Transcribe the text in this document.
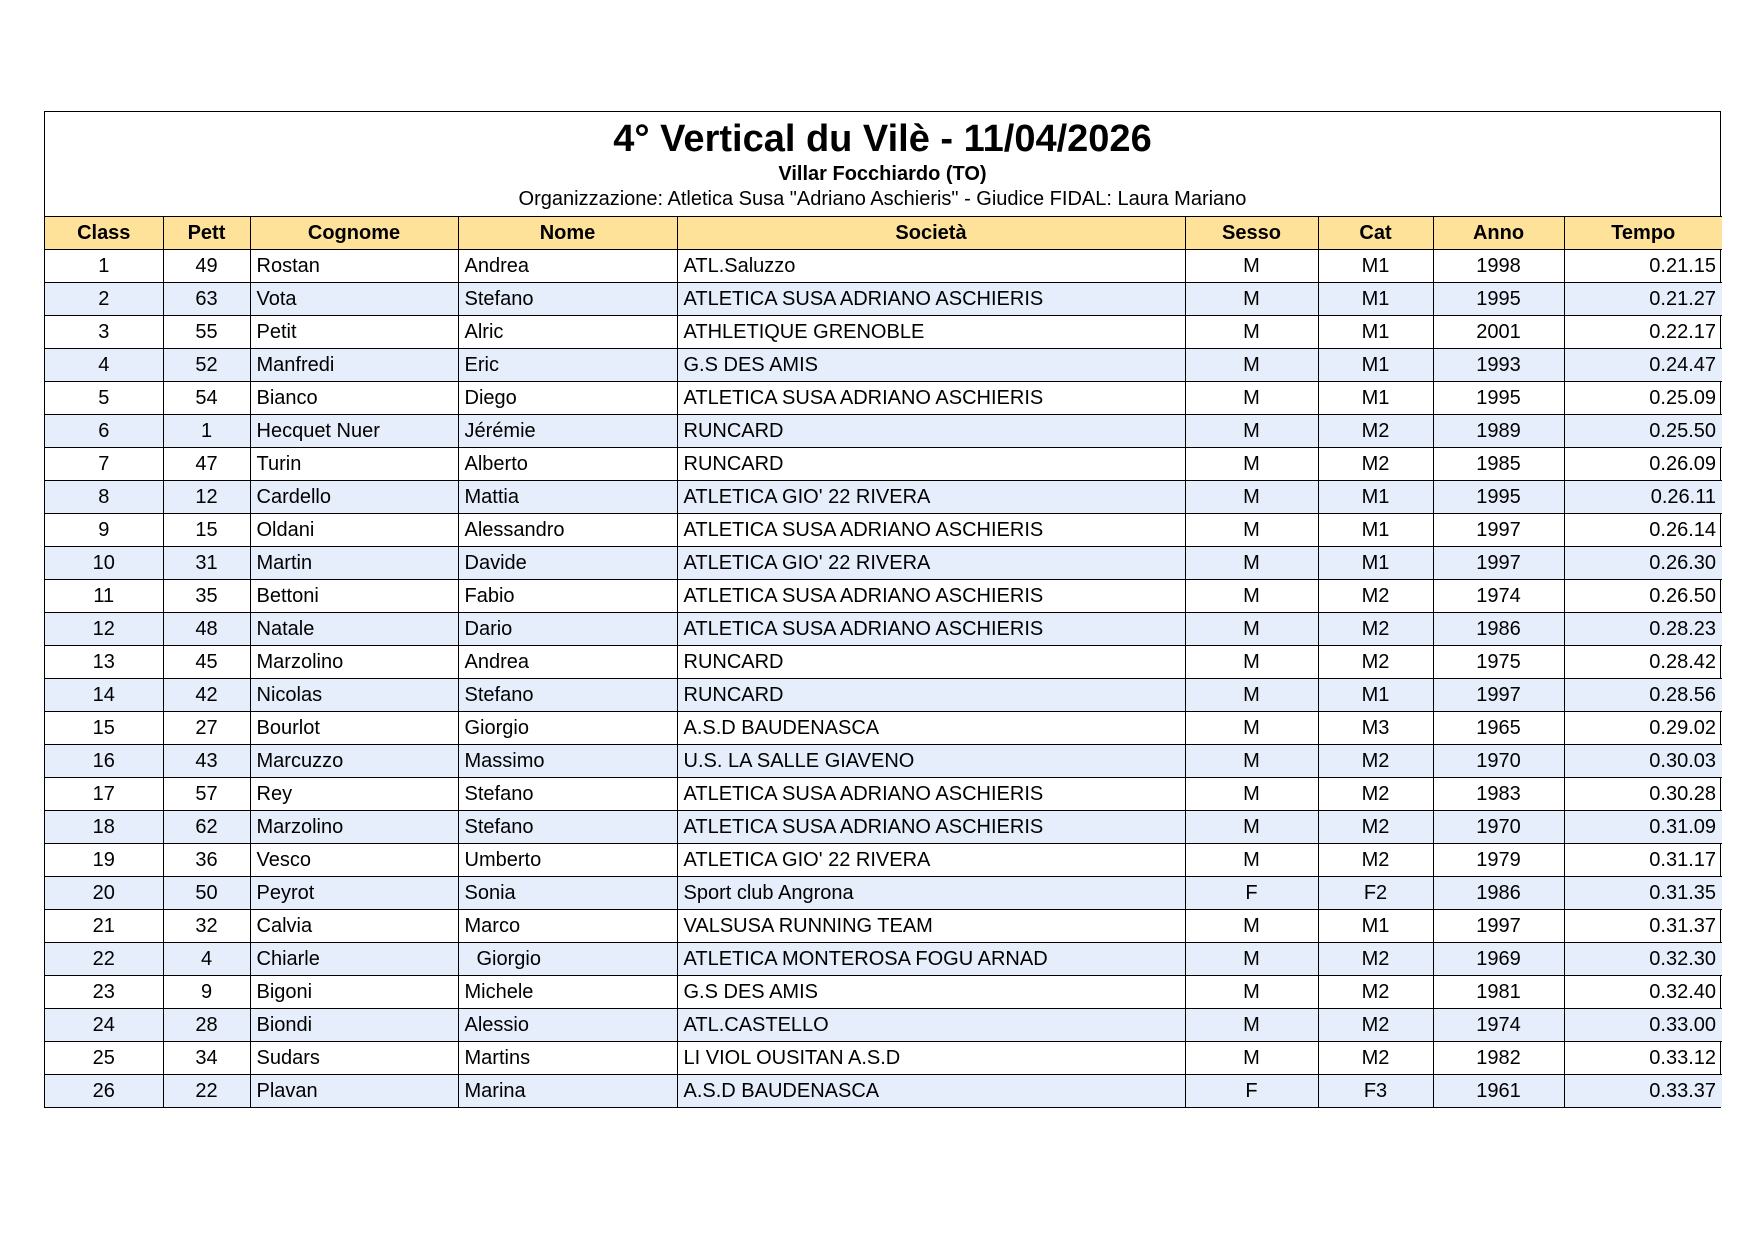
4° Vertical du Vilè - 11/04/2026
Villar Focchiardo (TO)
Organizzazione: Atletica Susa "Adriano Aschieris" - Giudice FIDAL: Laura Mariano
Class	Pett	Cognome	Nome	Società	Sesso	Cat	Anno	Tempo
1	49	Rostan	Andrea	ATL.Saluzzo	M	M1	1998	0.21.15
2	63	Vota	Stefano	ATLETICA SUSA ADRIANO ASCHIERIS	M	M1	1995	0.21.27
3	55	Petit	Alric	ATHLETIQUE GRENOBLE	M	M1	2001	0.22.17
4	52	Manfredi	Eric	G.S DES AMIS	M	M1	1993	0.24.47
5	54	Bianco	Diego	ATLETICA SUSA ADRIANO ASCHIERIS	M	M1	1995	0.25.09
6	1	Hecquet Nuer	Jérémie	RUNCARD	M	M2	1989	0.25.50
7	47	Turin	Alberto	RUNCARD	M	M2	1985	0.26.09
8	12	Cardello	Mattia	ATLETICA GIO' 22 RIVERA	M	M1	1995	0.26.11
9	15	Oldani	Alessandro	ATLETICA SUSA ADRIANO ASCHIERIS	M	M1	1997	0.26.14
10	31	Martin	Davide	ATLETICA GIO' 22 RIVERA	M	M1	1997	0.26.30
11	35	Bettoni	Fabio	ATLETICA SUSA ADRIANO ASCHIERIS	M	M2	1974	0.26.50
12	48	Natale	Dario	ATLETICA SUSA ADRIANO ASCHIERIS	M	M2	1986	0.28.23
13	45	Marzolino	Andrea	RUNCARD	M	M2	1975	0.28.42
14	42	Nicolas	Stefano	RUNCARD	M	M1	1997	0.28.56
15	27	Bourlot	Giorgio	A.S.D BAUDENASCA	M	M3	1965	0.29.02
16	43	Marcuzzo	Massimo	U.S. LA SALLE GIAVENO	M	M2	1970	0.30.03
17	57	Rey	Stefano	ATLETICA SUSA ADRIANO ASCHIERIS	M	M2	1983	0.30.28
18	62	Marzolino	Stefano	ATLETICA SUSA ADRIANO ASCHIERIS	M	M2	1970	0.31.09
19	36	Vesco	Umberto	ATLETICA GIO' 22 RIVERA	M	M2	1979	0.31.17
20	50	Peyrot	Sonia	Sport club Angrona	F	F2	1986	0.31.35
21	32	Calvia	Marco	VALSUSA RUNNING TEAM	M	M1	1997	0.31.37
22	4	Chiarle	Giorgio	ATLETICA MONTEROSA FOGU ARNAD	M	M2	1969	0.32.30
23	9	Bigoni	Michele	G.S DES AMIS	M	M2	1981	0.32.40
24	28	Biondi	Alessio	ATL.CASTELLO	M	M2	1974	0.33.00
25	34	Sudars	Martins	LI VIOL OUSITAN A.S.D	M	M2	1982	0.33.12
26	22	Plavan	Marina	A.S.D BAUDENASCA	F	F3	1961	0.33.37
